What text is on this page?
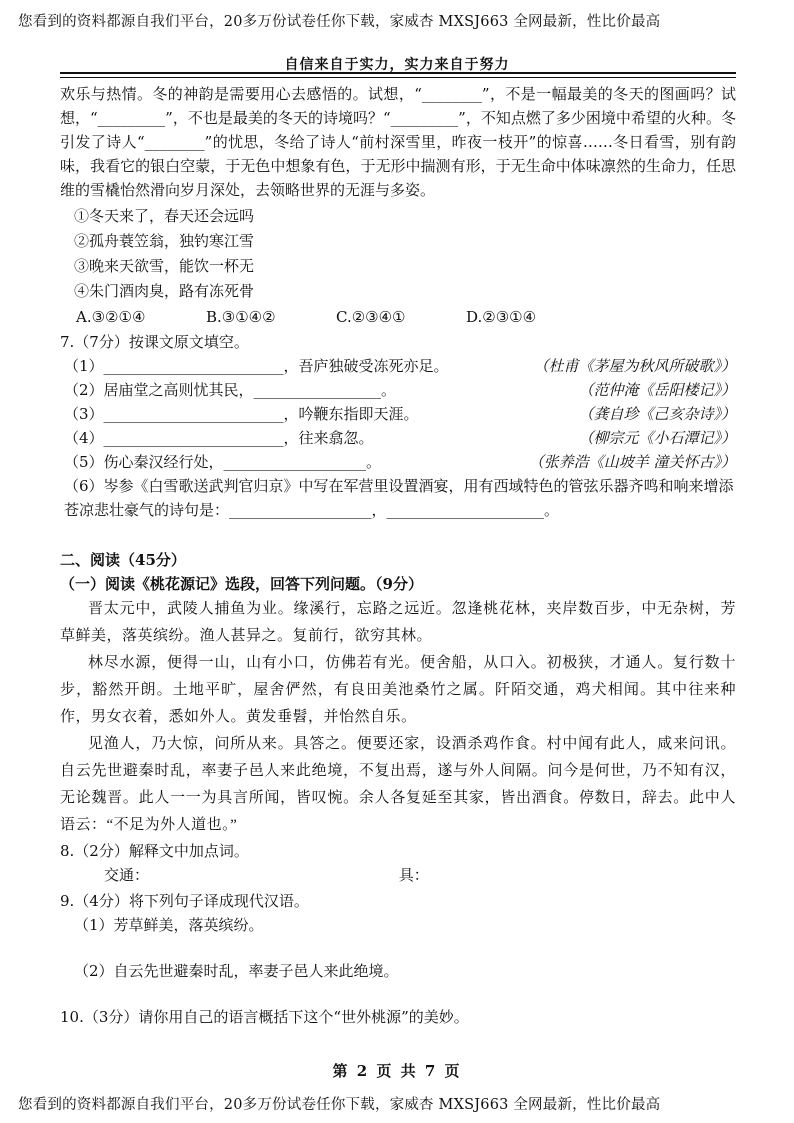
您看到的资料都源自我们平台，20多万份试卷任你下载，家威杏 MXSJ663 全网最新，性比价最高
自信来自于实力，实力来自于努力

欢乐与热情。冬的神韵是需要用心去感悟的。试想，“________”，不是一幅最美的冬天的图画吗？试想，“_________”，不也是最美的冬天的诗境吗？“_________”，不知点燃了多少困境中希望的火种。冬引发了诗人“________”的忧思，冬给了诗人“前村深雪里，昨夜一枝开”的惊喜……冬日看雪，别有韵味，我看它的银白空蒙，于无色中想象有色，于无形中揣测有形，于无生命中体味凛然的生命力，任思维的雪橇怡然滑向岁月深处，去领略世界的无涯与多姿。

①冬天来了，春天还会远吗
②孤舟蓑笠翁，独钓寒江雪
③晚来天欲雪，能饮一杯无
④朱门酒肉臭，路有冻死骨
A.③②①④	B.③①④②	C.②③④①	D.②③①④
7.（7分）按课文原文填空。
（1）________________________，吾庐独破受冻死亦足。	（杜甫《茅屋为秋风所破歌》）
（2）居庙堂之高则忧其民，_________________。	（范仲淹《岳阳楼记》）
（3）________________________，吟鞭东指即天涯。	（龚自珍《己亥杂诗》）
（4）________________________，往来翕忽。	（柳宗元《小石潭记》）
（5）伤心秦汉经行处，___________________。	（张养浩《山坡羊 潼关怀古》）
（6）岑参《白雪歌送武判官归京》中写在军营里设置酒宴，用有西域特色的管弦乐器齐鸣和响来增添苍凉悲壮豪气的诗句是：___________________，_____________________。
二、阅读（45分）
（一）阅读《桃花源记》选段，回答下列问题。（9分）

晋太元中，武陵人捕鱼为业。缘溪行，忘路之远近。忽逢桃花林，夹岸数百步，中无杂树，芳草鲜美，落英缤纷。渔人甚异之。复前行，欲穷其林。

林尽水源，便得一山，山有小口，仿佛若有光。便舍船，从口入。初极狭，才通人。复行数十步，豁然开朗。土地平旷，屋舍俨然，有良田美池桑竹之属。阡陌交通，鸡犬相闻。其中往来种作，男女衣着，悉如外人。黄发垂髫，并怡然自乐。

见渔人，乃大惊，问所从来。具答之。便要还家，设酒杀鸡作食。村中闻有此人，咸来问讯。自云先世避秦时乱，率妻子邑人来此绝境，不复出焉，遂与外人间隔。问今是何世，乃不知有汉，无论魏晋。此人一一为具言所闻，皆叹惋。余人各复延至其家，皆出酒食。停数日，辞去。此中人语云：“不足为外人道也。”

8.（2分）解释文中加点词。

交通：	具：

9.（4分）将下列句子译成现代汉语。

（1）芳草鲜美，落英缤纷。
（2）自云先世避秦时乱，率妻子邑人来此绝境。

10.（3分）请你用自己的语言概括下这个“世外桃源”的美妙。

第 2 页 共 7 页
您看到的资料都源自我们平台，20多万份试卷任你下载，家威杏 MXSJ663 全网最新，性比价最高
